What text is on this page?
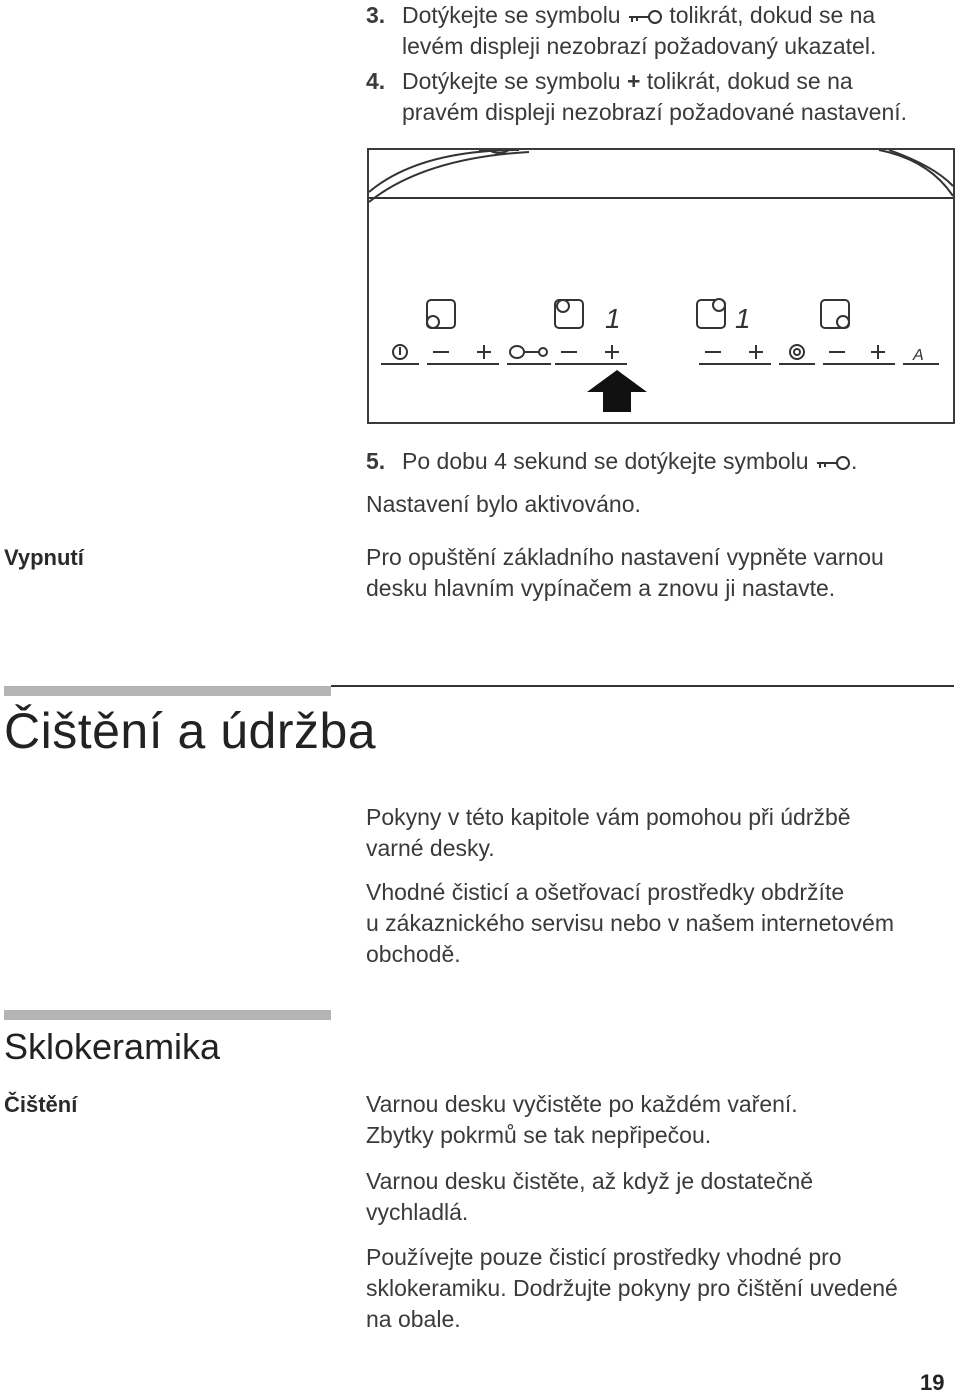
3. Dotýkejte se symbolu tolikrát, dokud se na
levém displeji nezobrazí požadovaný ukazatel.
4. Dotýkejte se symbolu + tolikrát, dokud se na
pravém displeji nezobrazí požadované nastavení.
1	1
A
5. Po dobu 4 sekund se dotýkejte symbolu .
Nastavení bylo aktivováno.
Vypnutí	Pro opuštění základního nastavení vypněte varnou
desku hlavním vypínačem a znovu ji nastavte.
Čištění a údržba
Pokyny v této kapitole vám pomohou při údržbě
varné desky.
Vhodné čisticí a ošetřovací prostředky obdržíte
u zákaznického servisu nebo v našem internetovém
obchodě.
Sklokeramika
Čištění	Varnou desku vyčistěte po každém vaření.
Zbytky pokrmů se tak nepřipečou.
Varnou desku čistěte, až když je dostatečně
vychladlá.
Používejte pouze čisticí prostředky vhodné pro
sklokeramiku. Dodržujte pokyny pro čištění uvedené
na obale.
19
